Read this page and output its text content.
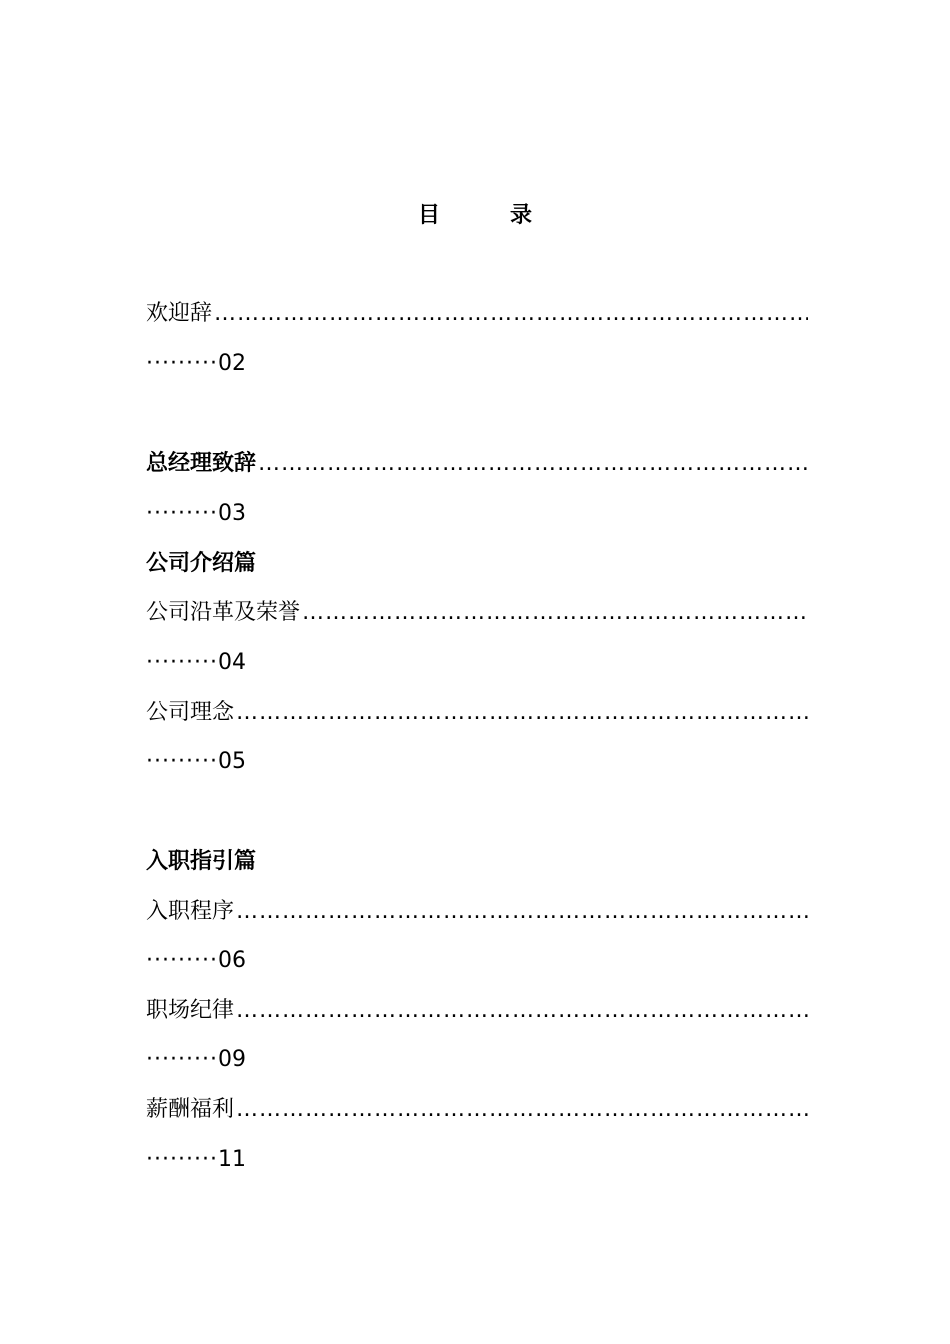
目　录
欢迎辞
…………………………………………………………………………………………………………………………………………………………………
·········02
总经理致辞
…………………………………………………………………………………………………………………………………………………………………
·········03
公司介绍篇
公司沿革及荣誉
…………………………………………………………………………………………………………………………………………………………………
·········04
公司理念
…………………………………………………………………………………………………………………………………………………………………
·········05
入职指引篇
入职程序
…………………………………………………………………………………………………………………………………………………………………
·········06
职场纪律
…………………………………………………………………………………………………………………………………………………………………
·········09
薪酬福利
…………………………………………………………………………………………………………………………………………………………………
·········11
